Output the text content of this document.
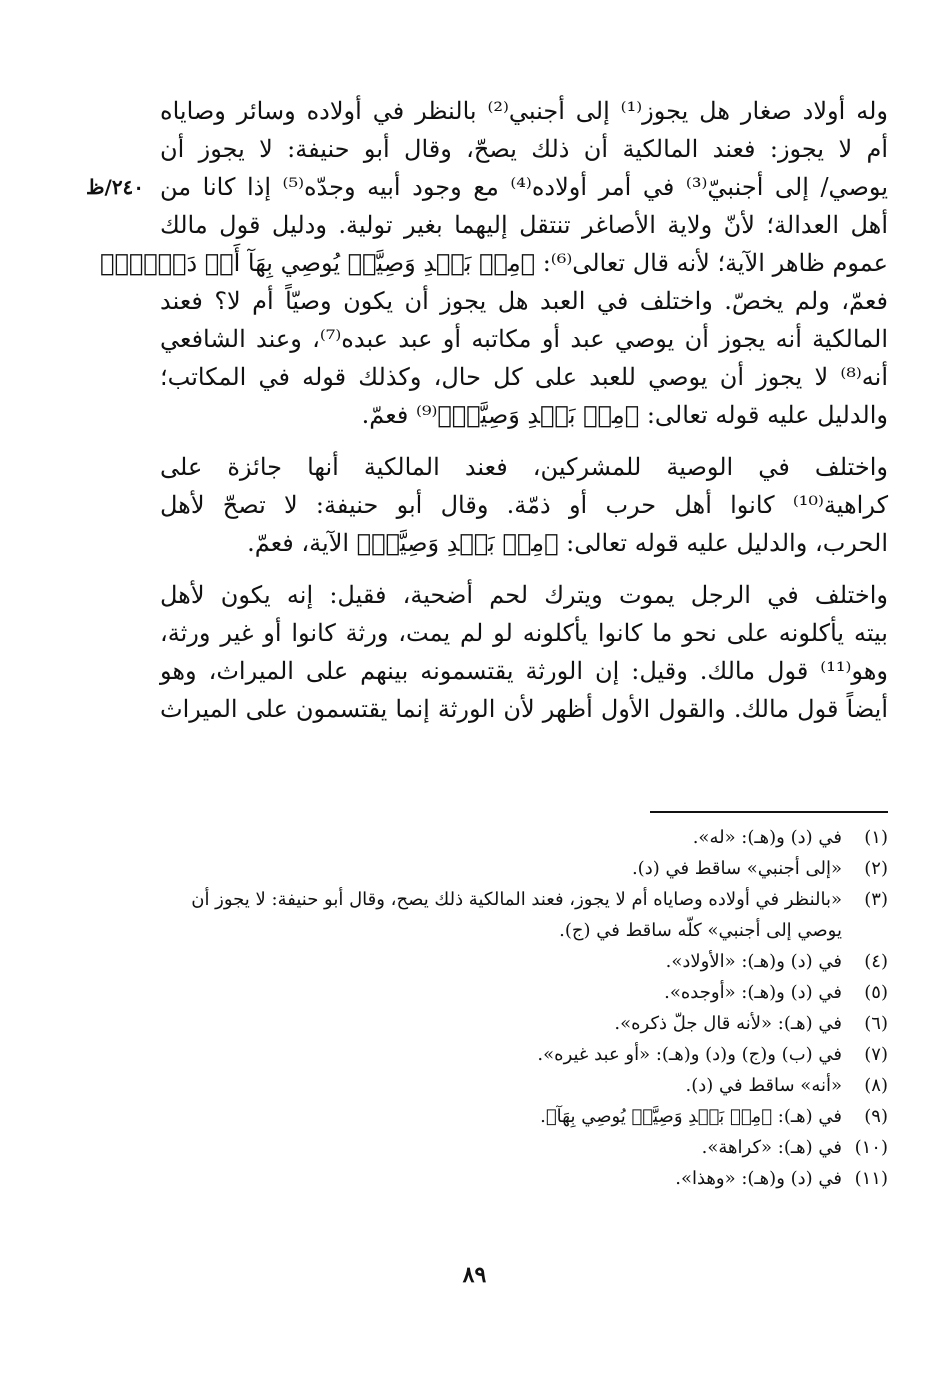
٢٤٠/ظ
وله أولاد صغار هل يجوز⁽¹⁾ إلى أجنبي⁽²⁾ بالنظر في أولاده وسائر وصاياه
أم لا يجوز: فعند المالكية أن ذلك يصحّ، وقال أبو حنيفة: لا يجوز أن
يوصي/ إلى أجنبيّ⁽³⁾ في أمر أولاده⁽⁴⁾ مع وجود أبيه وجدّه⁽⁵⁾ إذا كانا من
أهل العدالة؛ لأنّ ولاية الأصاغر تنتقل إليهما بغير تولية. ودليل قول مالك
عموم ظاهر الآية؛ لأنه قال تعالى⁽⁶⁾: ﴿مِنۢ بَعۡدِ وَصِيَّةٖ يُوصِي بِهَآ أَوۡ دَيۡنٍۗ﴾
فعمّ، ولم يخصّ. واختلف في العبد هل يجوز أن يكون وصيّاً أم لا؟ فعند
المالكية أنه يجوز أن يوصي عبد أو مكاتبه أو عبد عبده⁽⁷⁾، وعند الشافعي
أنه⁽⁸⁾ لا يجوز أن يوصي للعبد على كل حال، وكذلك قوله في المكاتب؛
والدليل عليه قوله تعالى: ﴿مِنۢ بَعۡدِ وَصِيَّةٖ﴾⁽⁹⁾ فعمّ.
واختلف في الوصية للمشركين، فعند المالكية أنها جائزة على
كراهية⁽¹⁰⁾ كانوا أهل حرب أو ذمّة. وقال أبو حنيفة: لا تصحّ لأهل
الحرب، والدليل عليه قوله تعالى: ﴿مِنۢ بَعۡدِ وَصِيَّةٖ﴾ الآية، فعمّ.
واختلف في الرجل يموت ويترك لحم أضحية، فقيل: إنه يكون لأهل
بيته يأكلونه على نحو ما كانوا يأكلونه لو لم يمت، ورثة كانوا أو غير ورثة،
وهو⁽¹¹⁾ قول مالك. وقيل: إن الورثة يقتسمونه بينهم على الميراث، وهو
أيضاً قول مالك. والقول الأول أظهر لأن الورثة إنما يقتسمون على الميراث
(١)
في (د) و(هـ): «له».
(٢)
«إلى أجنبي» ساقط في (د).
(٣)
«بالنظر في أولاده وصاياه أم لا يجوز، فعند المالكية ذلك يصح، وقال أبو حنيفة: لا يجوز أن يوصي إلى أجنبي» كلّه ساقط في (ج).
(٤)
في (د) و(هـ): «الأولاد».
(٥)
في (د) و(هـ): «أوجده».
(٦)
في (هـ): «لأنه قال جلّ ذكره».
(٧)
في (ب) و(ج) و(د) و(هـ): «أو عبد غيره».
(٨)
«أنه» ساقط في (د).
(٩)
في (هـ): ﴿مِنۢ بَعۡدِ وَصِيَّةٖ يُوصِي بِهَآ﴾.
(١٠)
في (هـ): «كراهة».
(١١)
في (د) و(هـ): «وهذا».
٨٩
